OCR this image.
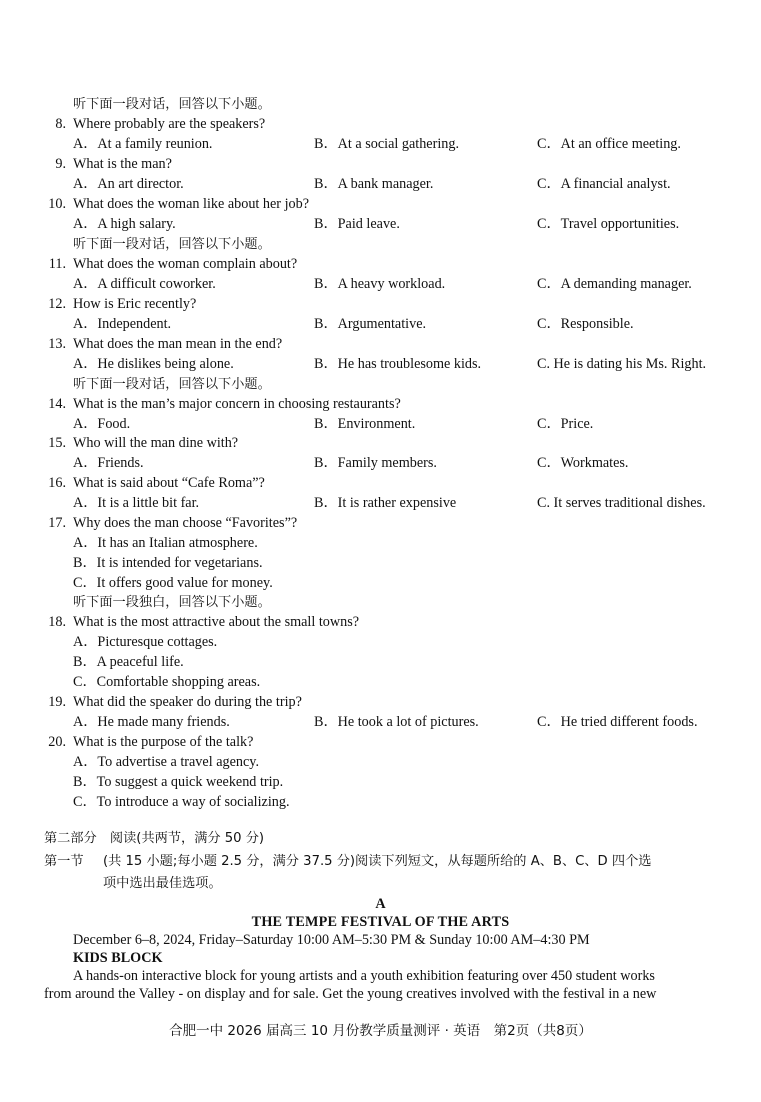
听下面一段对话，回答以下小题。
8. Where probably are the speakers?
A．At a family reunion.	B．At a social gathering.	C．At an office meeting.
9. What is the man?
A．An art director.	B．A bank manager.	C．A financial analyst.
10. What does the woman like about her job?
A．A high salary.	B．Paid leave.	C．Travel opportunities.
听下面一段对话，回答以下小题。
11. What does the woman complain about?
A．A difficult coworker.	B．A heavy workload.	C．A demanding manager.
12. How is Eric recently?
A．Independent.	B．Argumentative.	C．Responsible.
13. What does the man mean in the end?
A．He dislikes being alone.	B．He has troublesome kids.	C. He is dating his Ms. Right.
听下面一段对话，回答以下小题。
14. What is the man’s major concern in choosing restaurants?
A．Food.	B．Environment.	C．Price.
15. Who will the man dine with?
A．Friends.	B．Family members.	C．Workmates.
16. What is said about “Cafe Roma”?
A．It is a little bit far.	B．It is rather expensive	C. It serves traditional dishes.
17. Why does the man choose “Favorites”?
A．It has an Italian atmosphere.
B．It is intended for vegetarians.
C．It offers good value for money.
听下面一段独白，回答以下小题。
18. What is the most attractive about the small towns?
A．Picturesque cottages.
B．A peaceful life.
C．Comfortable shopping areas.
19. What did the speaker do during the trip?
A．He made many friends.	B．He took a lot of pictures.	C．He tried different foods.
20. What is the purpose of the talk?
A．To advertise a travel agency.
B．To suggest a quick weekend trip.
C．To introduce a way of socializing.
第二部分　阅读(共两节，满分 50 分)
第一节 (共 15 小题;每小题 2.5 分，满分 37.5 分)阅读下列短文，从每题所给的 A、B、C、D 四个选
项中选出最佳选项。
A
THE TEMPE FESTIVAL OF THE ARTS
December 6–8, 2024, Friday–Saturday 10:00 AM–5:30 PM & Sunday 10:00 AM–4:30 PM
KIDS BLOCK
A hands-on interactive block for young artists and a youth exhibition featuring over 450 student works
from around the Valley - on display and for sale. Get the young creatives involved with the festival in a new
合肥一中 2026 届高三 10 月份教学质量测评 · 英语　第2页（共8页）
